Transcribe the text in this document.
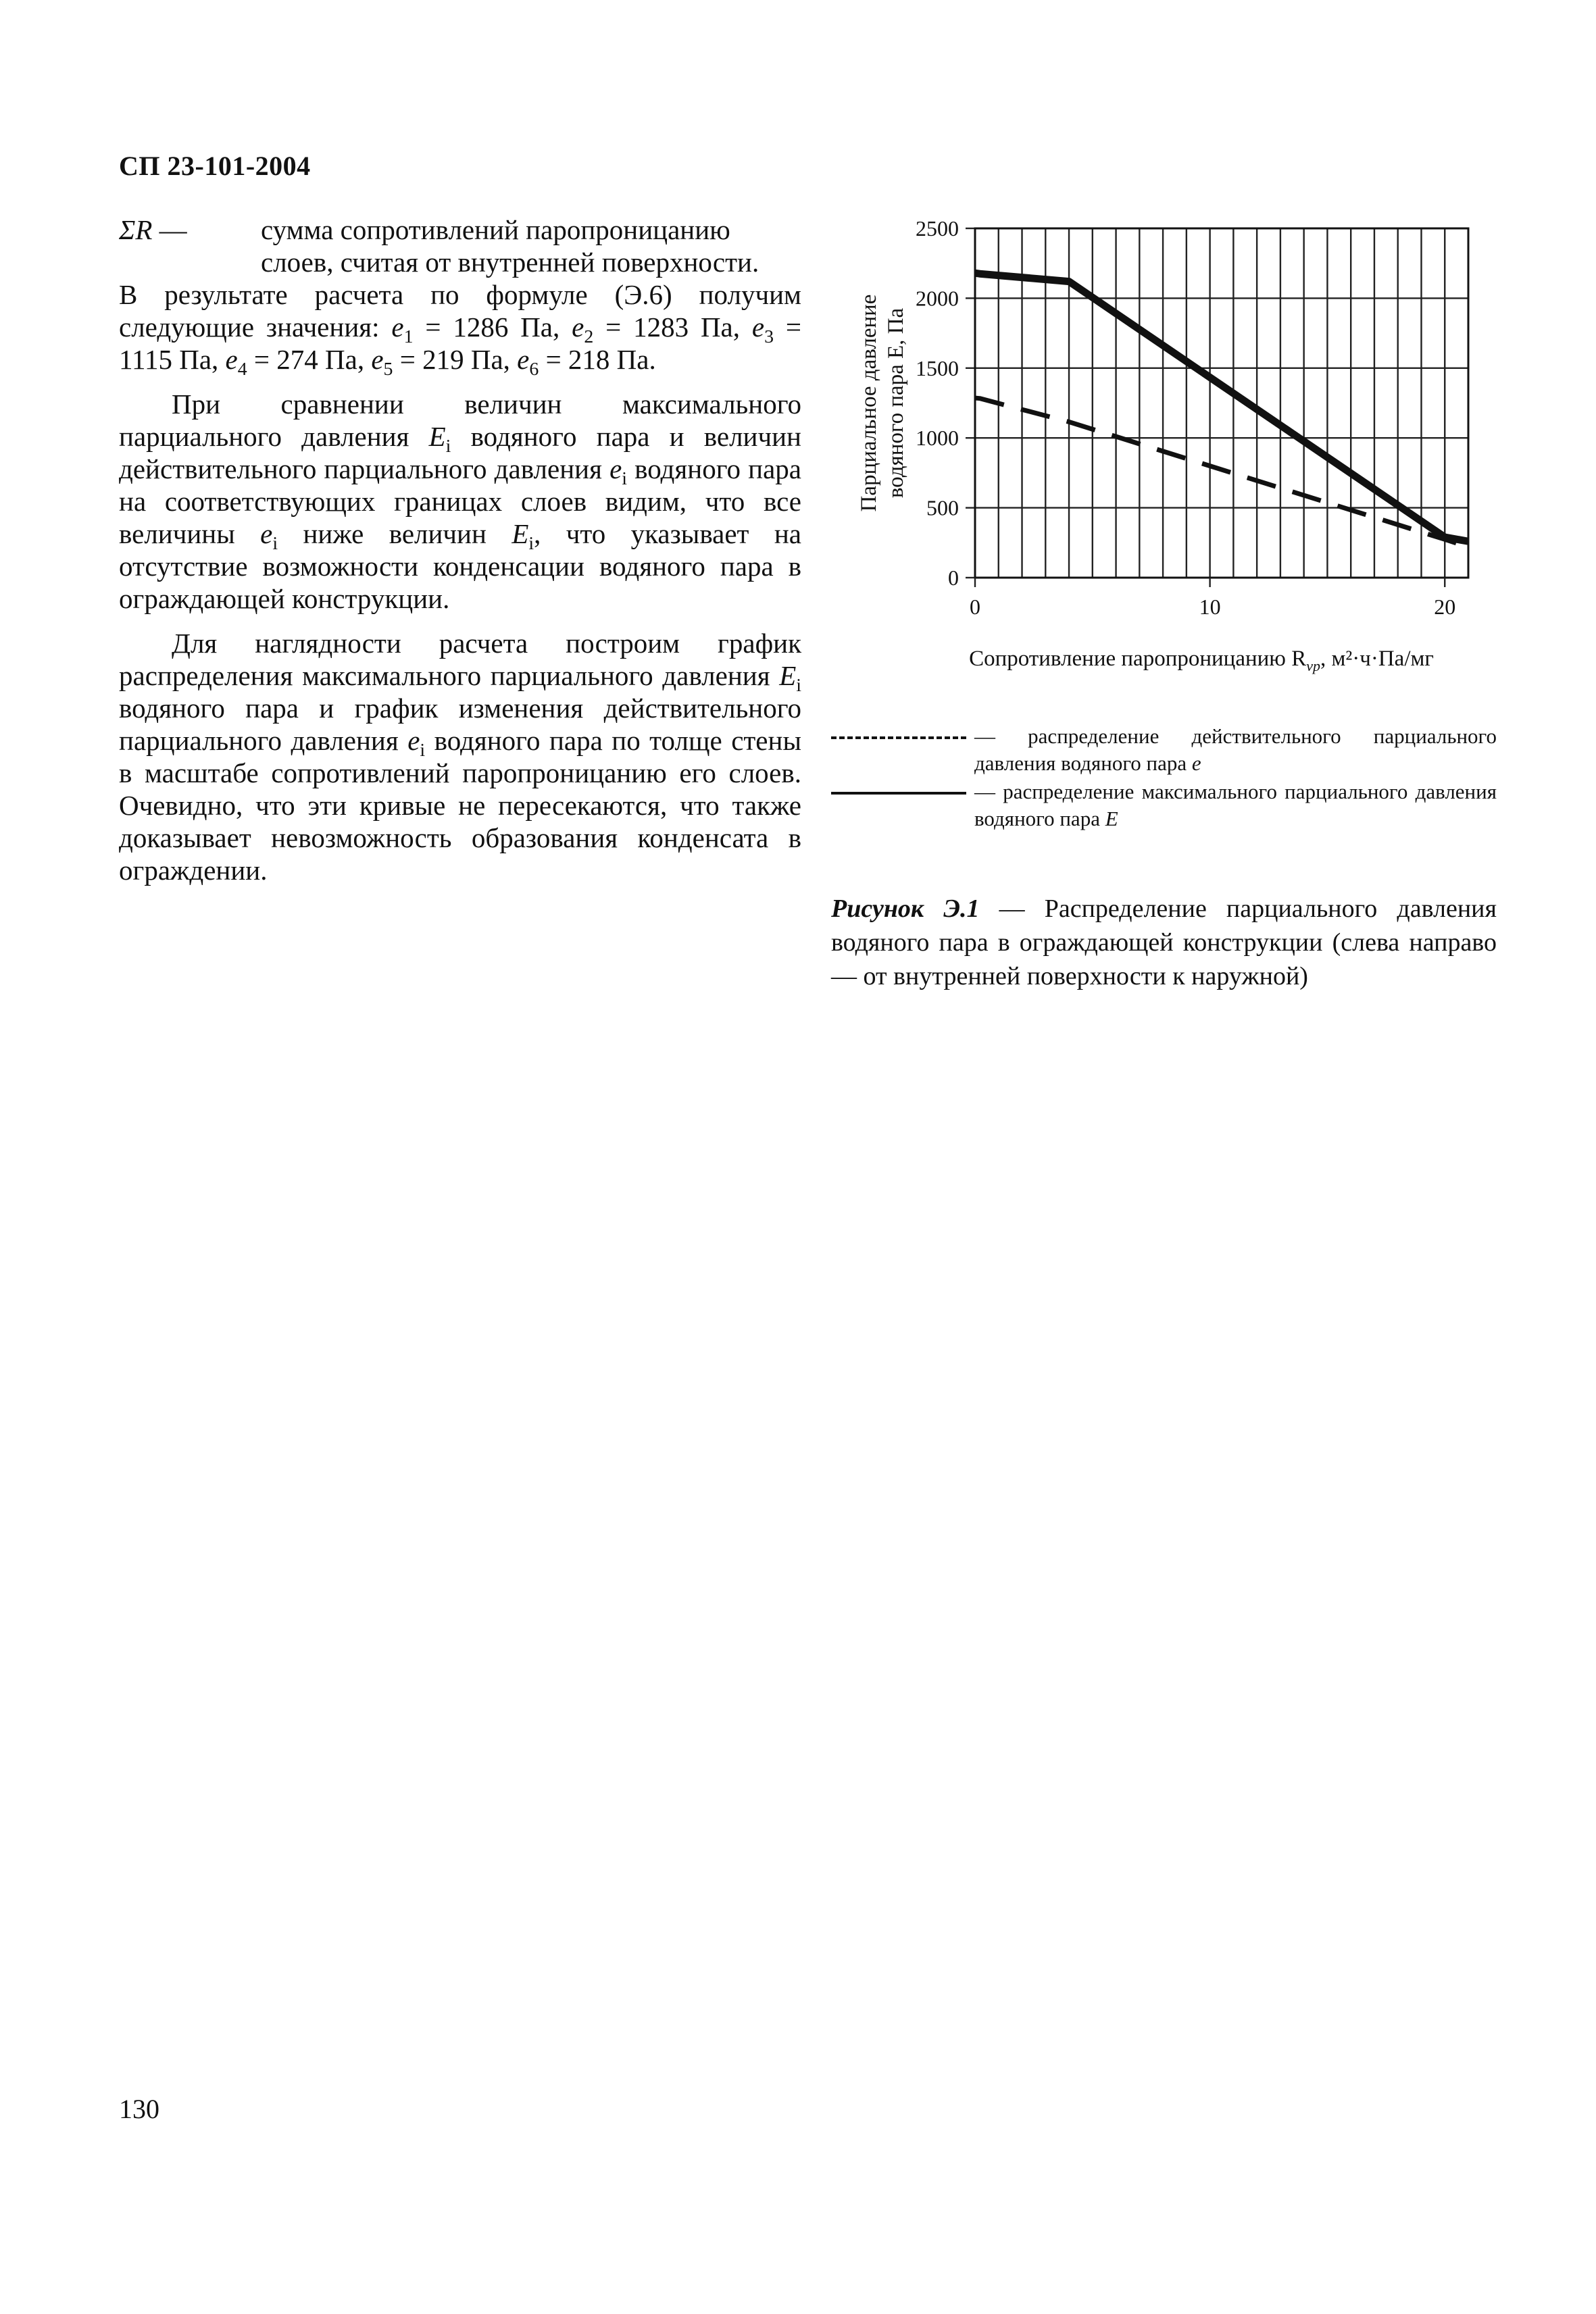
СП 23-101-2004
ΣR —	сумма сопротивлений паропроницанию слоев, считая от внутренней поверхности.

В результате расчета по формуле (Э.6) получим следующие значения: $e_1 = 1286$ Па, $e_2 = 1283$ Па, $e_3 = 1115$ Па, $e_4 = 274$ Па, $e_5 = 219$ Па, $e_6 = 218$ Па.

При сравнении величин максимального парциального давления $E_i$ водяного пара и величин действительного парциального давления $e_i$ водяного пара на соответствующих границах слоев видим, что все величины $e_i$ ниже величин $E_i$, что указывает на отсутствие возможности конденсации водяного пара в ограждающей конструкции.

Для наглядности расчета построим график распределения максимального парциального давления $E_i$ водяного пара и график изменения действительного парциального давления $e_i$ водяного пара по толще стены в масштабе сопротивлений паропроницанию его слоев. Очевидно, что эти кривые не пересекаются, что также доказывает невозможность образования конденсата в ограждении.

0
500
1000
1500
2000
2500
0	10	20
Парциальное давление водяного пара E, Па
Сопротивление паропроницанию $R_{vp}$, м²·ч·Па/мг
— распределение действительного парциального давления водяного пара e
— распределение максимального парциального давления водяного пара E
Рисунок Э.1 — Распределение парциального давления водяного пара в ограждающей конструкции (слева направо — от внутренней поверхности к наружной)
130
